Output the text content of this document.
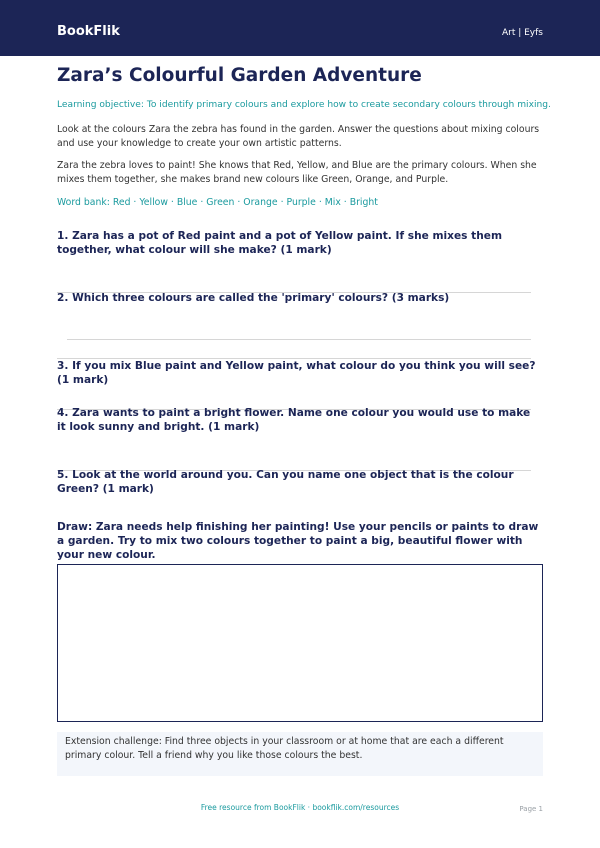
BookFlik	Art | Eyfs
Zara’s Colourful Garden Adventure
Learning objective: To identify primary colours and explore how to create secondary colours through mixing.
Look at the colours Zara the zebra has found in the garden. Answer the questions about mixing colours and use your knowledge to create your own artistic patterns.
Zara the zebra loves to paint! She knows that Red, Yellow, and Blue are the primary colours. When she mixes them together, she makes brand new colours like Green, Orange, and Purple.
Word bank: Red · Yellow · Blue · Green · Orange · Purple · Mix · Bright
1. Zara has a pot of Red paint and a pot of Yellow paint. If she mixes them together, what colour will she make? (1 mark)
2. Which three colours are called the 'primary' colours? (3 marks)
3. If you mix Blue paint and Yellow paint, what colour do you think you will see? (1 mark)
4. Zara wants to paint a bright flower. Name one colour you would use to make it look sunny and bright. (1 mark)
5. Look at the world around you. Can you name one object that is the colour Green? (1 mark)
Draw: Zara needs help finishing her painting! Use your pencils or paints to draw a garden. Try to mix two colours together to paint a big, beautiful flower with your new colour.
Extension challenge: Find three objects in your classroom or at home that are each a different primary colour. Tell a friend why you like those colours the best.
Free resource from BookFlik · bookflik.com/resources	Page 1
